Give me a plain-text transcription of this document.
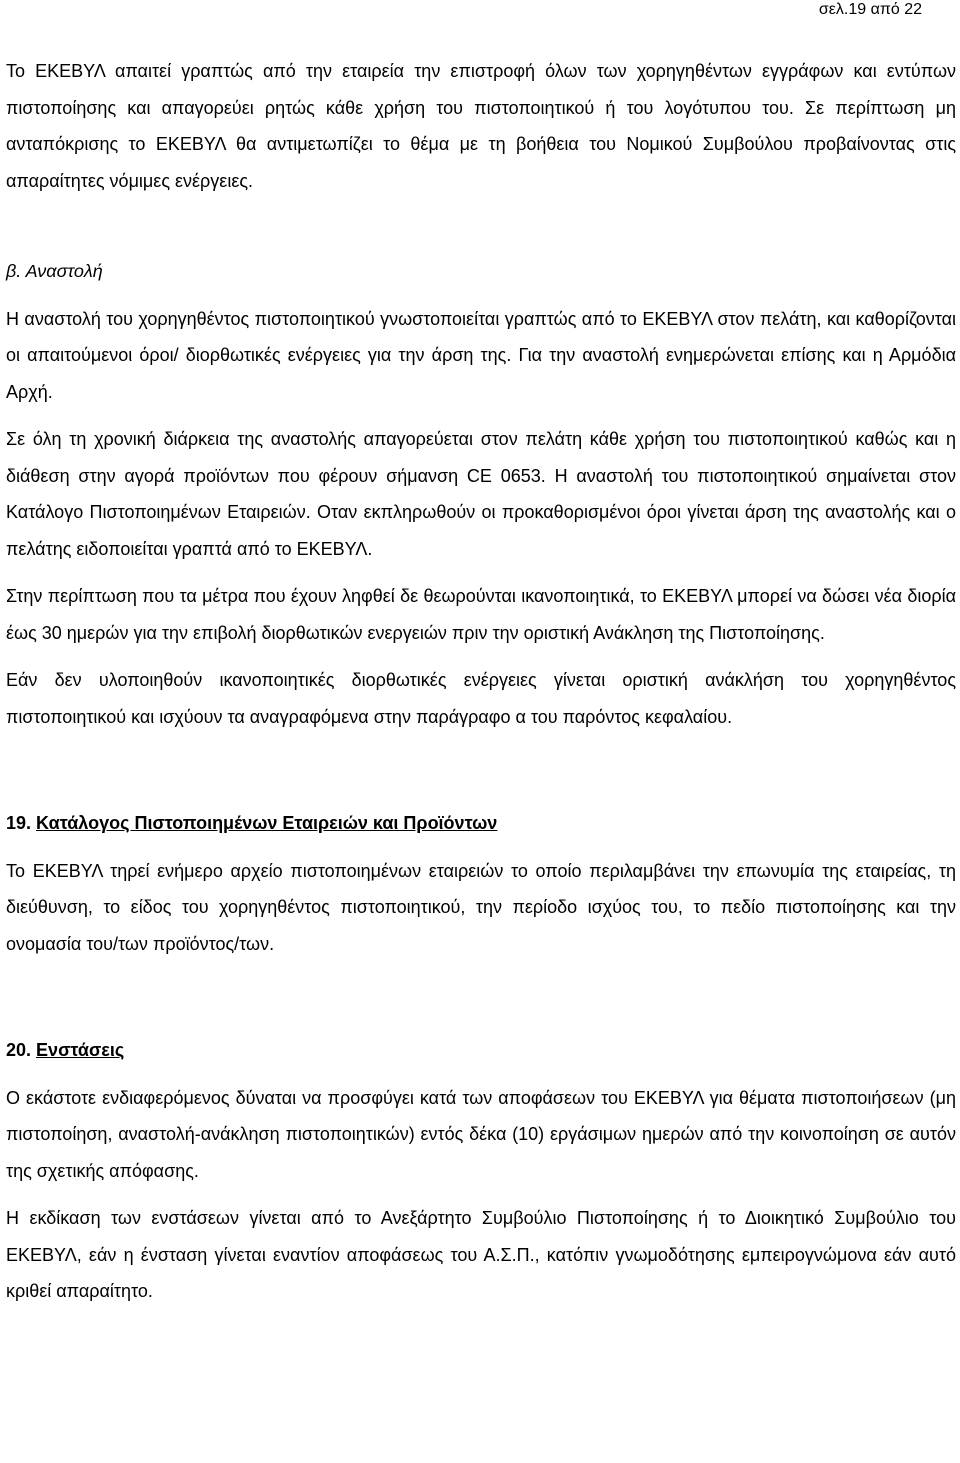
σελ.19 από 22

Το ΕΚΕΒΥΛ απαιτεί γραπτώς από την εταιρεία την επιστροφή όλων των χορηγηθέντων εγγράφων και εντύπων πιστοποίησης και απαγορεύει ρητώς κάθε χρήση του πιστοποιητικού ή του λογότυπου του. Σε περίπτωση μη ανταπόκρισης το ΕΚΕΒΥΛ θα αντιμετωπίζει το θέμα με τη βοήθεια του Νομικού Συμβούλου προβαίνοντας στις απαραίτητες νόμιμες ενέργειες.

β. Αναστολή

Η αναστολή του χορηγηθέντος πιστοποιητικού γνωστοποιείται γραπτώς από το ΕΚΕΒΥΛ στον πελάτη, και καθορίζονται οι απαιτούμενοι όροι/ διορθωτικές ενέργειες για την άρση της. Για την αναστολή ενημερώνεται επίσης και η Αρμόδια Αρχή.

Σε όλη τη χρονική διάρκεια της αναστολής απαγορεύεται στον πελάτη κάθε χρήση του πιστοποιητικού καθώς και η διάθεση στην αγορά προϊόντων που φέρουν σήμανση CE 0653. Η αναστολή του πιστοποιητικού σημαίνεται στον Κατάλογο Πιστοποιημένων Εταιρειών. Οταν εκπληρωθούν οι προκαθορισμένοι όροι γίνεται άρση της αναστολής και ο πελάτης ειδοποιείται γραπτά από το ΕΚΕΒΥΛ.

Στην περίπτωση που τα μέτρα που έχουν ληφθεί δε θεωρούνται ικανοποιητικά, το ΕΚΕΒΥΛ μπορεί να δώσει νέα διορία έως 30 ημερών για την επιβολή διορθωτικών ενεργειών πριν την οριστική Ανάκληση της Πιστοποίησης.

Εάν δεν υλοποιηθούν ικανοποιητικές διορθωτικές ενέργειες γίνεται οριστική ανάκλήση του χορηγηθέντος πιστοποιητικού και ισχύουν τα αναγραφόμενα στην παράγραφο α του παρόντος κεφαλαίου.

19. Κατάλογος Πιστοποιημένων Εταιρειών και Προϊόντων

Το ΕΚΕΒΥΛ τηρεί ενήμερο αρχείο πιστοποιημένων εταιρειών το οποίο περιλαμβάνει την επωνυμία της εταιρείας, τη διεύθυνση, το είδος του χορηγηθέντος πιστοποιητικού, την περίοδο ισχύος του, το πεδίο πιστοποίησης και την ονομασία του/των προϊόντος/των.

20. Ενστάσεις

Ο εκάστοτε ενδιαφερόμενος δύναται να προσφύγει κατά των αποφάσεων του ΕΚΕΒΥΛ για θέματα πιστοποιήσεων (μη πιστοποίηση, αναστολή-ανάκληση πιστοποιητικών) εντός δέκα (10) εργάσιμων ημερών από την κοινοποίηση σε αυτόν της σχετικής απόφασης.

Η εκδίκαση των ενστάσεων γίνεται από το Ανεξάρτητο Συμβούλιο Πιστοποίησης ή το Διοικητικό Συμβούλιο του ΕΚΕΒΥΛ, εάν η ένσταση γίνεται εναντίον αποφάσεως του Α.Σ.Π., κατόπιν γνωμοδότησης εμπειρογνώμονα εάν αυτό κριθεί απαραίτητο.
